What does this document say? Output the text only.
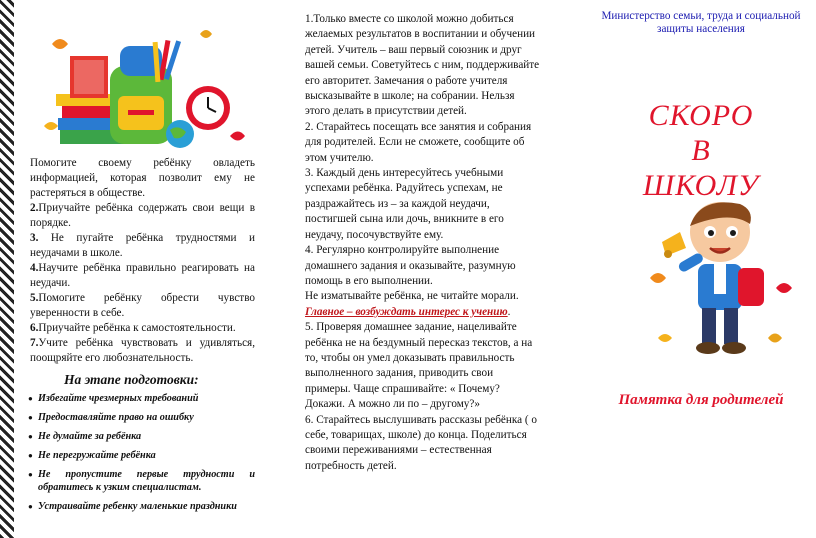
Помогите своему ребёнку овладеть информацией, которая позволит ему не растеряться в обществе.
2.Приучайте ребёнка содержать свои вещи в порядке.
3. Не пугайте ребёнка трудностями и неудачами в школе.
4.Научите ребёнка правильно реагировать на неудачи.
5.Помогите ребёнку обрести чувство уверенности в себе.
6.Приучайте ребёнка к самостоятельности.
7.Учите ребёнка чувствовать и удивляться, поощряйте его любознательность.

На этапе подготовки:
● Избегайте чрезмерных требований
● Предоставляйте право на ошибку
● Не думайте за ребёнка
● Не перегружайте ребёнка
● Не пропустите первые трудности и обратитесь к узким специалистам.
● Устраивайте ребенку маленькие праздники

1.Только вместе со школой можно добиться желаемых результатов в воспитании и обучении детей. Учитель – ваш первый союзник и друг вашей семьи. Советуйтесь с ним, поддерживайте его авторитет. Замечания о работе учителя высказывайте в школе; на собрании. Нельзя этого делать в присутствии детей.
2. Старайтесь посещать все занятия и собрания для родителей. Если не сможете, сообщите об этом учителю.
3. Каждый день интересуйтесь учебными успехами ребёнка. Радуйтесь успехам, не раздражайтесь из – за каждой неудачи, постигшей сына или дочь, вникните в его неудачу, посочувствуйте ему.
4. Регулярно контролируйте выполнение домашнего задания и оказывайте, разумную помощь в его выполнении.
Не изматывайте ребёнка, не читайте морали.
Главное – возбуждать интерес к учению.
5. Проверяя домашнее задание, нацеливайте ребёнка не на бездумный пересказ текстов, а на то, чтобы он умел доказывать правильность выполненного задания, приводить свои примеры. Чаще спрашивайте: « Почему? Докажи. А можно ли по – другому?»
6. Старайтесь выслушивать рассказы ребёнка ( о себе, товарищах, школе) до конца. Поделиться своими переживаниями – естественная потребность детей.

Министерство семьи, труда и социальной
защиты населения
СКОРО
В
ШКОЛУ
Памятка для родителей
